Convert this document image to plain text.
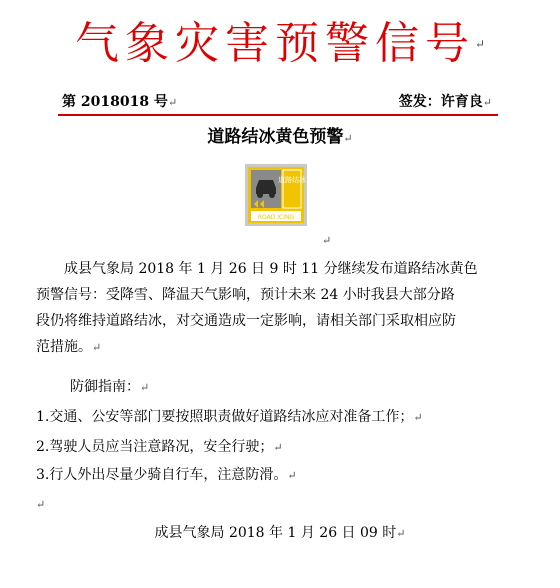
气象灾害预警信号↵
第 2018018 号↵	签发：许育良↵
道路结冰黄色预警↵
道路结冰
ROAD ICING
↵
成县气象局 2018 年 1 月 26 日 9 时 11 分继续发布道路结冰黄色
预警信号：受降雪、降温天气影响，预计未来 24 小时我县大部分路
段仍将维持道路结冰，对交通造成一定影响，请相关部门采取相应防
范措施。↵
防御指南：↵
1.交通、公安等部门要按照职责做好道路结冰应对准备工作；↵
2.驾驶人员应当注意路况，安全行驶；↵
3.行人外出尽量少骑自行车，注意防滑。↵
↵
成县气象局 2018 年 1 月 26 日 09 时↵
